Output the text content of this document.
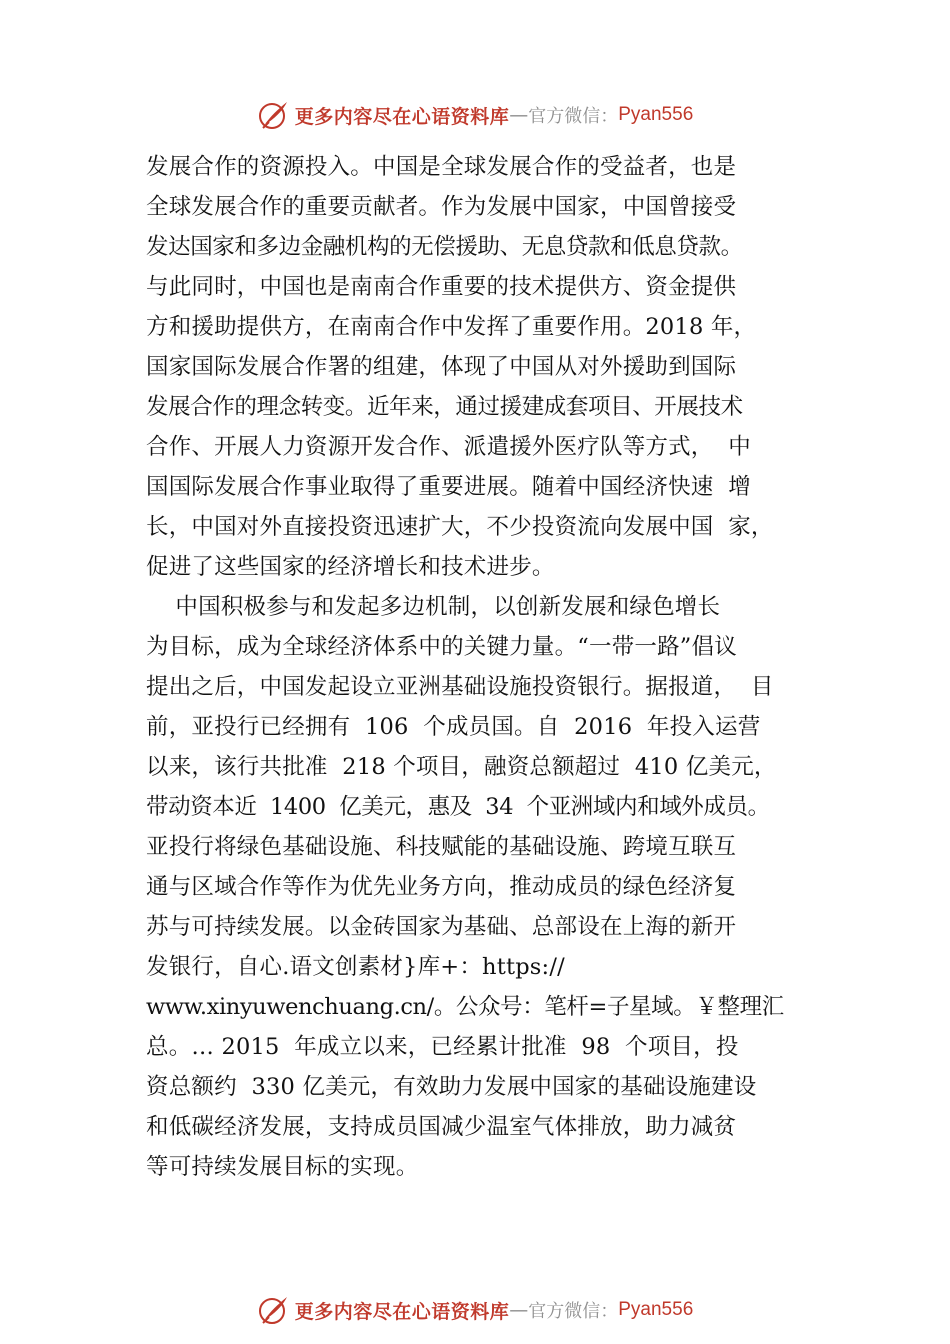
更多内容尽在心语资料库 — 官方微信： Pyan556
发展合作的资源投入。中国是全球发展合作的受益者，也是
全球发展合作的重要贡献者。作为发展中国家，中国曾接受
发达国家和多边金融机构的无偿援助、无息贷款和低息贷款。
与此同时，中国也是南南合作重要的技术提供方、资金提供
方和援助提供方，在南南合作中发挥了重要作用。2018 年，
国家国际发展合作署的组建，体现了中国从对外援助到国际
发展合作的理念转变。近年来，通过援建成套项目、开展技术
合作、开展人力资源开发合作、派遣援外医疗队等方式，  中
国国际发展合作事业取得了重要进展。随着中国经济快速  增
长，中国对外直接投资迅速扩大，不少投资流向发展中国  家，
促进了这些国家的经济增长和技术进步。
中国积极参与和发起多边机制，以创新发展和绿色增长
为目标，成为全球经济体系中的关键力量。“一带一路”倡议
提出之后，中国发起设立亚洲基础设施投资银行。据报道，  目
前，亚投行已经拥有  106  个成员国。自  2016  年投入运营
以来，该行共批准  218 个项目，融资总额超过  410 亿美元，
带动资本近  1400  亿美元，惠及  34  个亚洲域内和域外成员。
亚投行将绿色基础设施、科技赋能的基础设施、跨境互联互
通与区域合作等作为优先业务方向，推动成员的绿色经济复
苏与可持续发展。以金砖国家为基础、总部设在上海的新开
发银行，自心.语文创素材}库+：https://
www.xinyuwenchuang.cn/。公众号：笔杆=子星域。￥整理汇
总。… 2015  年成立以来，已经累计批准  98  个项目，投
资总额约  330 亿美元，有效助力发展中国家的基础设施建设
和低碳经济发展，支持成员国减少温室气体排放，助力减贫
等可持续发展目标的实现。
更多内容尽在心语资料库 — 官方微信： Pyan556
